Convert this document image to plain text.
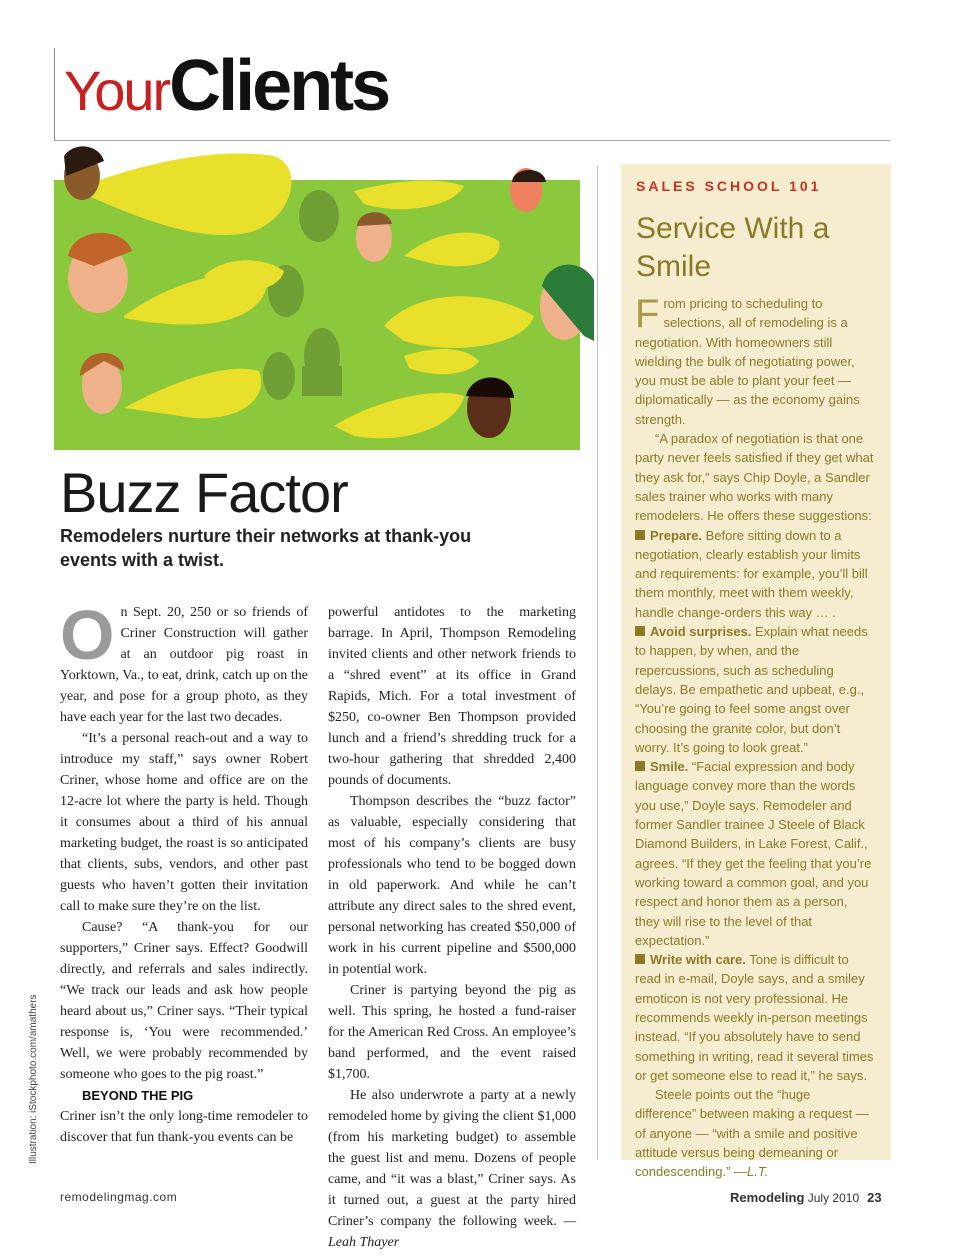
YourClients
Buzz Factor
Remodelers nurture their networks at thank-you events with a twist.

On Sept. 20, 250 or so friends of Criner Construction will gather at an outdoor pig roast in Yorktown, Va., to eat, drink, catch up on the year, and pose for a group photo, as they have each year for the last two decades.

“It’s a personal reach-out and a way to introduce my staff,” says owner Robert Criner, whose home and office are on the 12-acre lot where the party is held. Though it consumes about a third of his annual marketing budget, the roast is so anticipated that clients, subs, vendors, and other past guests who haven’t gotten their invitation call to make sure they’re on the list.

Cause? “A thank-you for our supporters,” Criner says. Effect? Goodwill directly, and referrals and sales indirectly. “We track our leads and ask how people heard about us,” Criner says. “Their typical response is, ‘You were recommended.’ Well, we were probably recommended by someone who goes to the pig roast.”

BEYOND THE PIG

Criner isn’t the only long-time remodeler to discover that fun thank-you events can be

powerful antidotes to the marketing barrage. In April, Thompson Remodeling invited clients and other network friends to a “shred event” at its office in Grand Rapids, Mich. For a total investment of $250, co-owner Ben Thompson provided lunch and a friend’s shredding truck for a two-hour gathering that shredded 2,400 pounds of documents.

Thompson describes the “buzz factor” as valuable, especially considering that most of his company’s clients are busy professionals who tend to be bogged down in old paperwork. And while he can’t attribute any direct sales to the shred event, personal networking has created $50,000 of work in his current pipeline and $500,000 in potential work.

Criner is partying beyond the pig as well. This spring, he hosted a fund-raiser for the American Red Cross. An employee’s band performed, and the event raised $1,700.

He also underwrote a party at a newly remodeled home by giving the client $1,000 (from his marketing budget) to assemble the guest list and menu. Dozens of people came, and “it was a blast,” Criner says. As it turned out, a guest at the party hired Criner’s company the following week. —Leah Thayer

Illustration: iStockphoto.com/amathers
SALES SCHOOL 101
Service With a Smile

From pricing to scheduling to selections, all of remodeling is a negotiation. With homeowners still wielding the bulk of negotiating power, you must be able to plant your feet — diplomatically — as the economy gains strength.

“A paradox of negotiation is that one party never feels satisfied if they get what they ask for,” says Chip Doyle, a Sandler sales trainer who works with many remodelers. He offers these suggestions:

Prepare. Before sitting down to a negotiation, clearly establish your limits and requirements: for example, you’ll bill them monthly, meet with them weekly, handle change-orders this way … .

Avoid surprises. Explain what needs to happen, by when, and the repercussions, such as scheduling delays. Be empathetic and upbeat, e.g., “You’re going to feel some angst over choosing the granite color, but don’t worry. It’s going to look great.”

Smile. “Facial expression and body language convey more than the words you use,” Doyle says. Remodeler and former Sandler trainee J Steele of Black Diamond Builders, in Lake Forest, Calif., agrees. “If they get the feeling that you’re working toward a common goal, and you respect and honor them as a person, they will rise to the level of that expectation.”

Write with care. Tone is difficult to read in e-mail, Doyle says, and a smiley emoticon is not very professional. He recommends weekly in-person meetings instead. “If you absolutely have to send something in writing, read it several times or get someone else to read it,” he says.

Steele points out the “huge difference” between making a request — of anyone — “with a smile and positive attitude versus being demeaning or condescending.” —L.T.

remodelingmag.com	Remodeling July 2010 23
